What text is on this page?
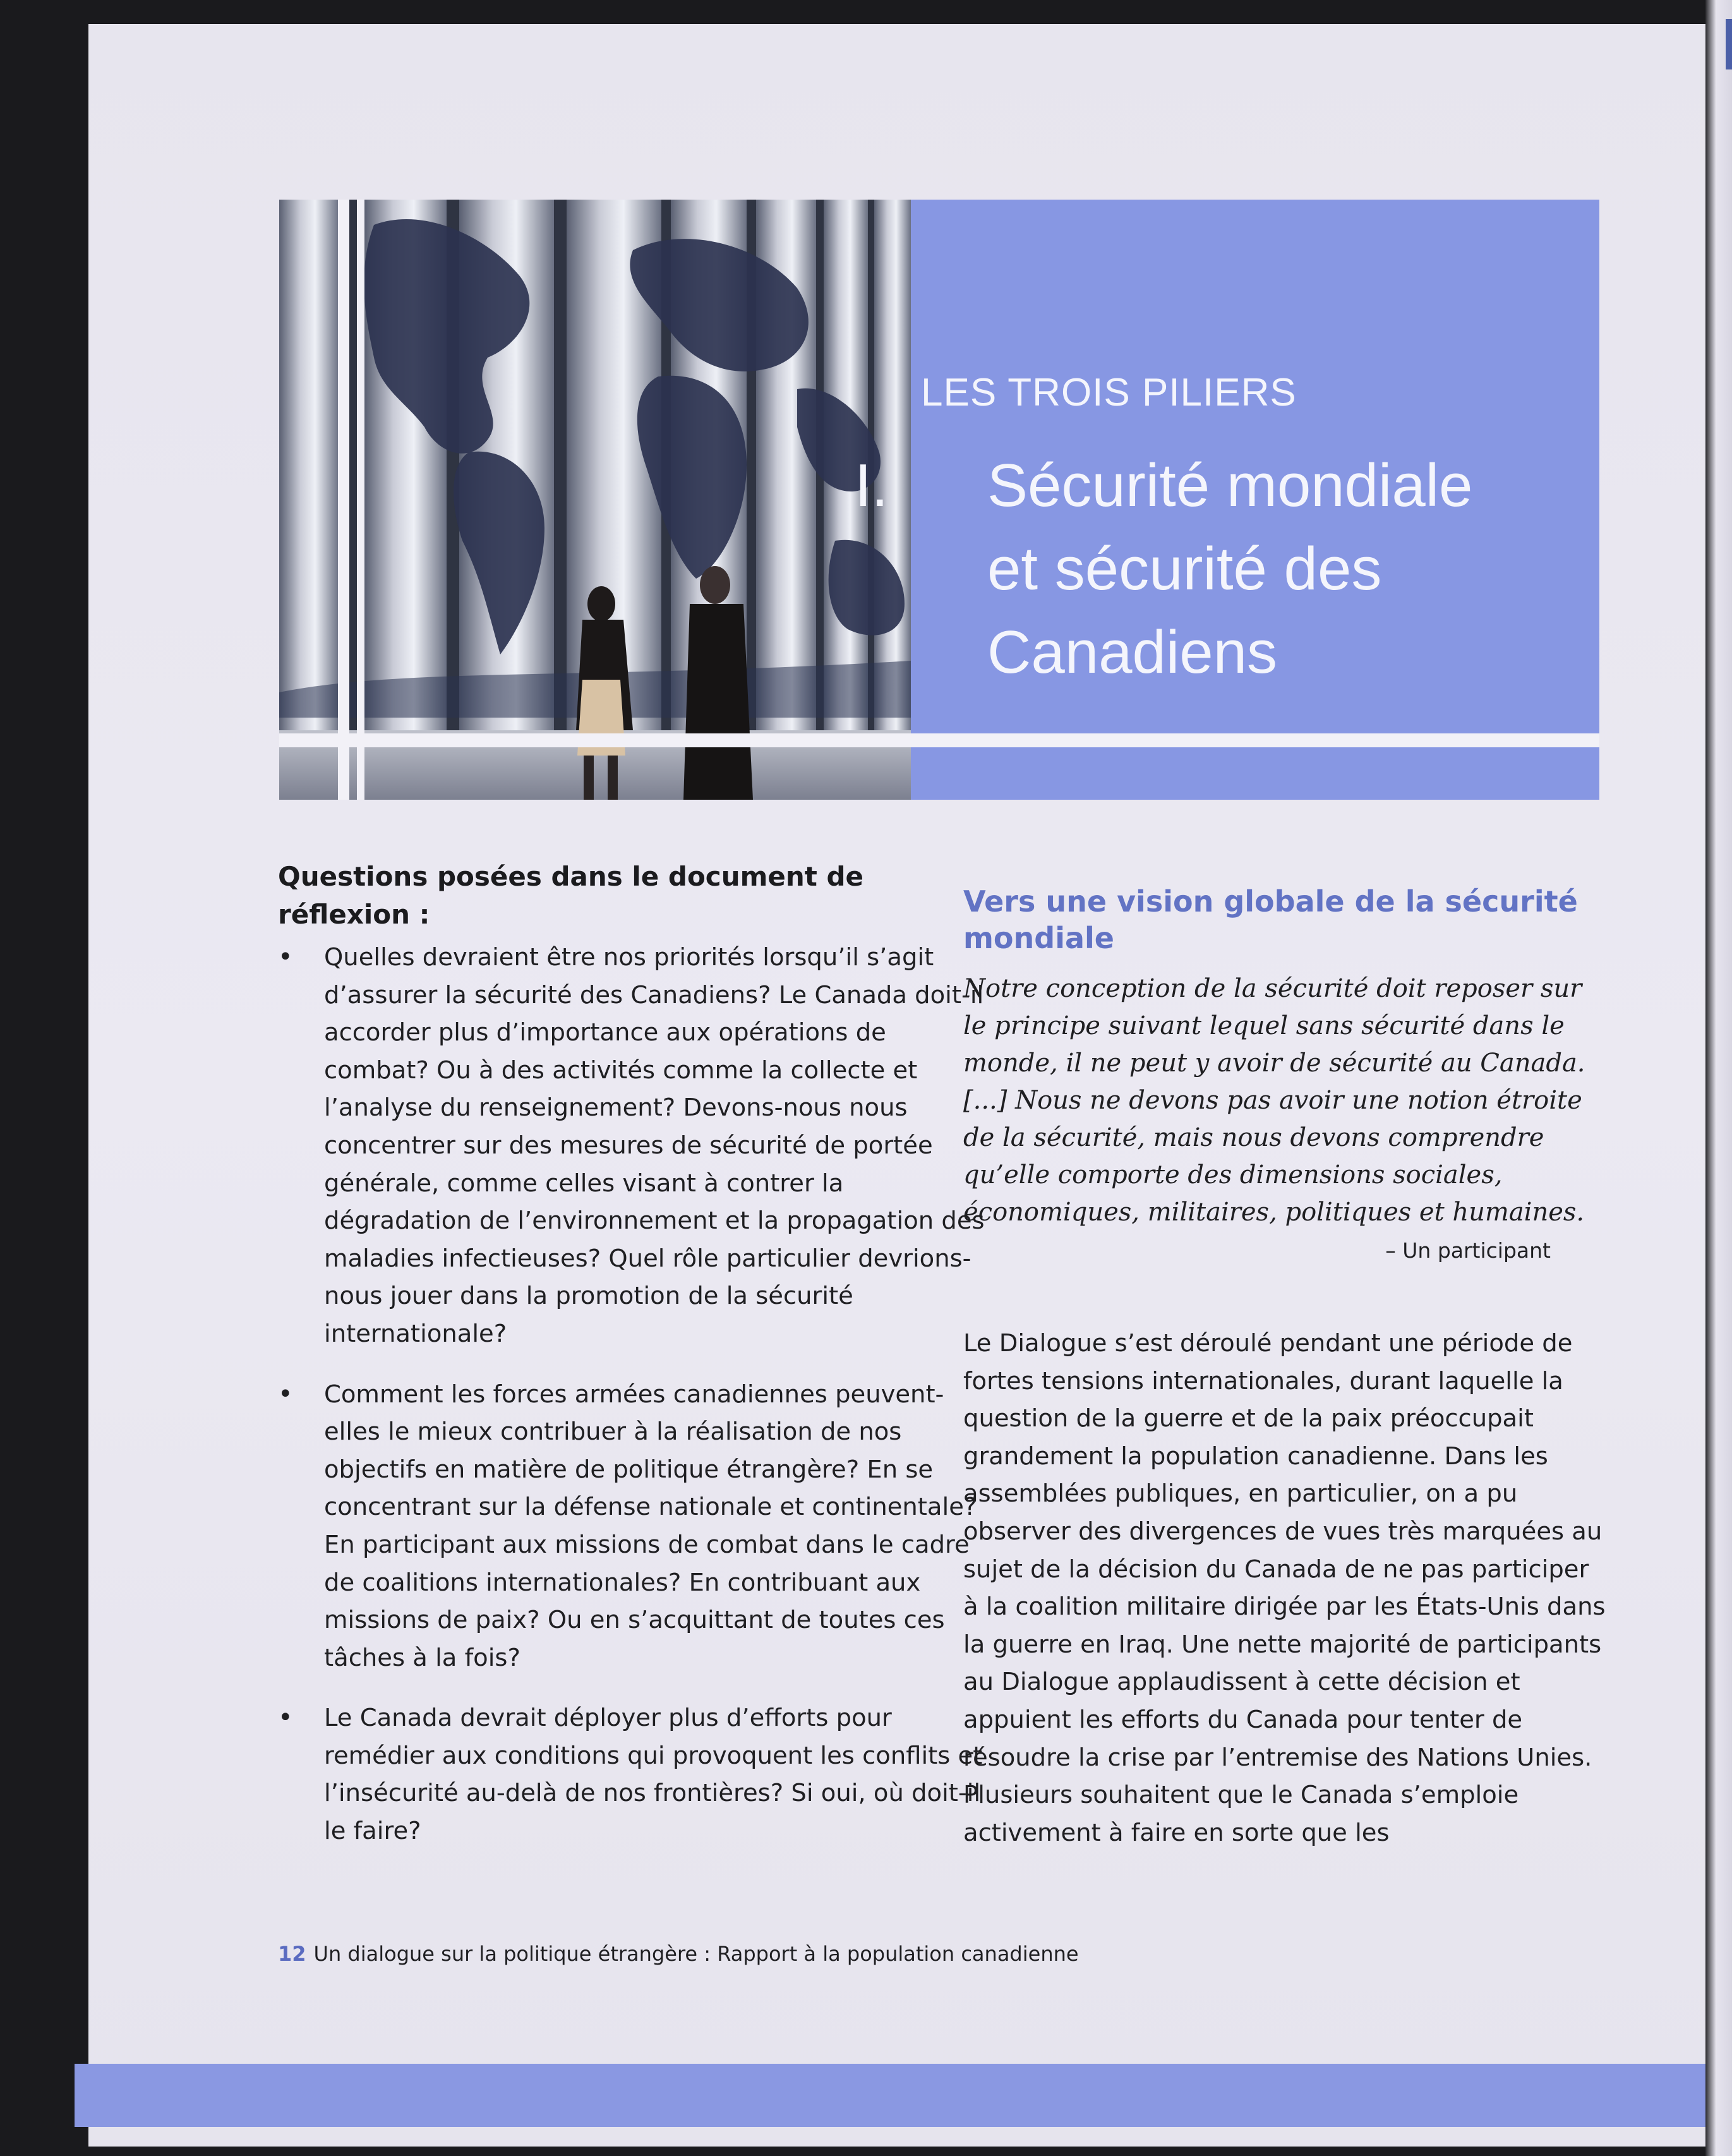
LES TROIS PILIERS
I. Sécurité mondiale
et sécurité des
Canadiens
Questions posées dans le document de réflexion :
• Quelles devraient être nos priorités lorsqu’il s’agit d’assurer la sécurité des Canadiens? Le Canada doit-il accorder plus d’importance aux opérations de combat? Ou à des activités comme la collecte et l’analyse du renseignement? Devons-nous nous concentrer sur des mesures de sécurité de portée générale, comme celles visant à contrer la dégradation de l’environnement et la propagation des maladies infectieuses? Quel rôle particulier devrions-nous jouer dans la promotion de la sécurité internationale?
• Comment les forces armées canadiennes peuvent-elles le mieux contribuer à la réalisation de nos objectifs en matière de politique étrangère? En se concentrant sur la défense nationale et continentale? En participant aux missions de combat dans le cadre de coalitions internationales? En contribuant aux missions de paix? Ou en s’acquittant de toutes ces tâches à la fois?
• Le Canada devrait déployer plus d’efforts pour remédier aux conditions qui provoquent les conflits et l’insécurité au-delà de nos frontières? Si oui, où doit-il le faire?
Vers une vision globale de la sécurité mondiale

Notre conception de la sécurité doit reposer sur le principe suivant lequel sans sécurité dans le monde, il ne peut y avoir de sécurité au Canada. [...] Nous ne devons pas avoir une notion étroite de la sécurité, mais nous devons comprendre qu’elle comporte des dimensions sociales, économiques, militaires, politiques et humaines.

– Un participant

Le Dialogue s’est déroulé pendant une période de fortes tensions internationales, durant laquelle la question de la guerre et de la paix préoccupait grandement la population canadienne. Dans les assemblées publiques, en particulier, on a pu observer des divergences de vues très marquées au sujet de la décision du Canada de ne pas participer à la coalition militaire dirigée par les États-Unis dans la guerre en Iraq. Une nette majorité de participants au Dialogue applaudissent à cette décision et appuient les efforts du Canada pour tenter de résoudre la crise par l’entremise des Nations Unies. Plusieurs souhaitent que le Canada s’emploie activement à faire en sorte que les

12 Un dialogue sur la politique étrangère : Rapport à la population canadienne
